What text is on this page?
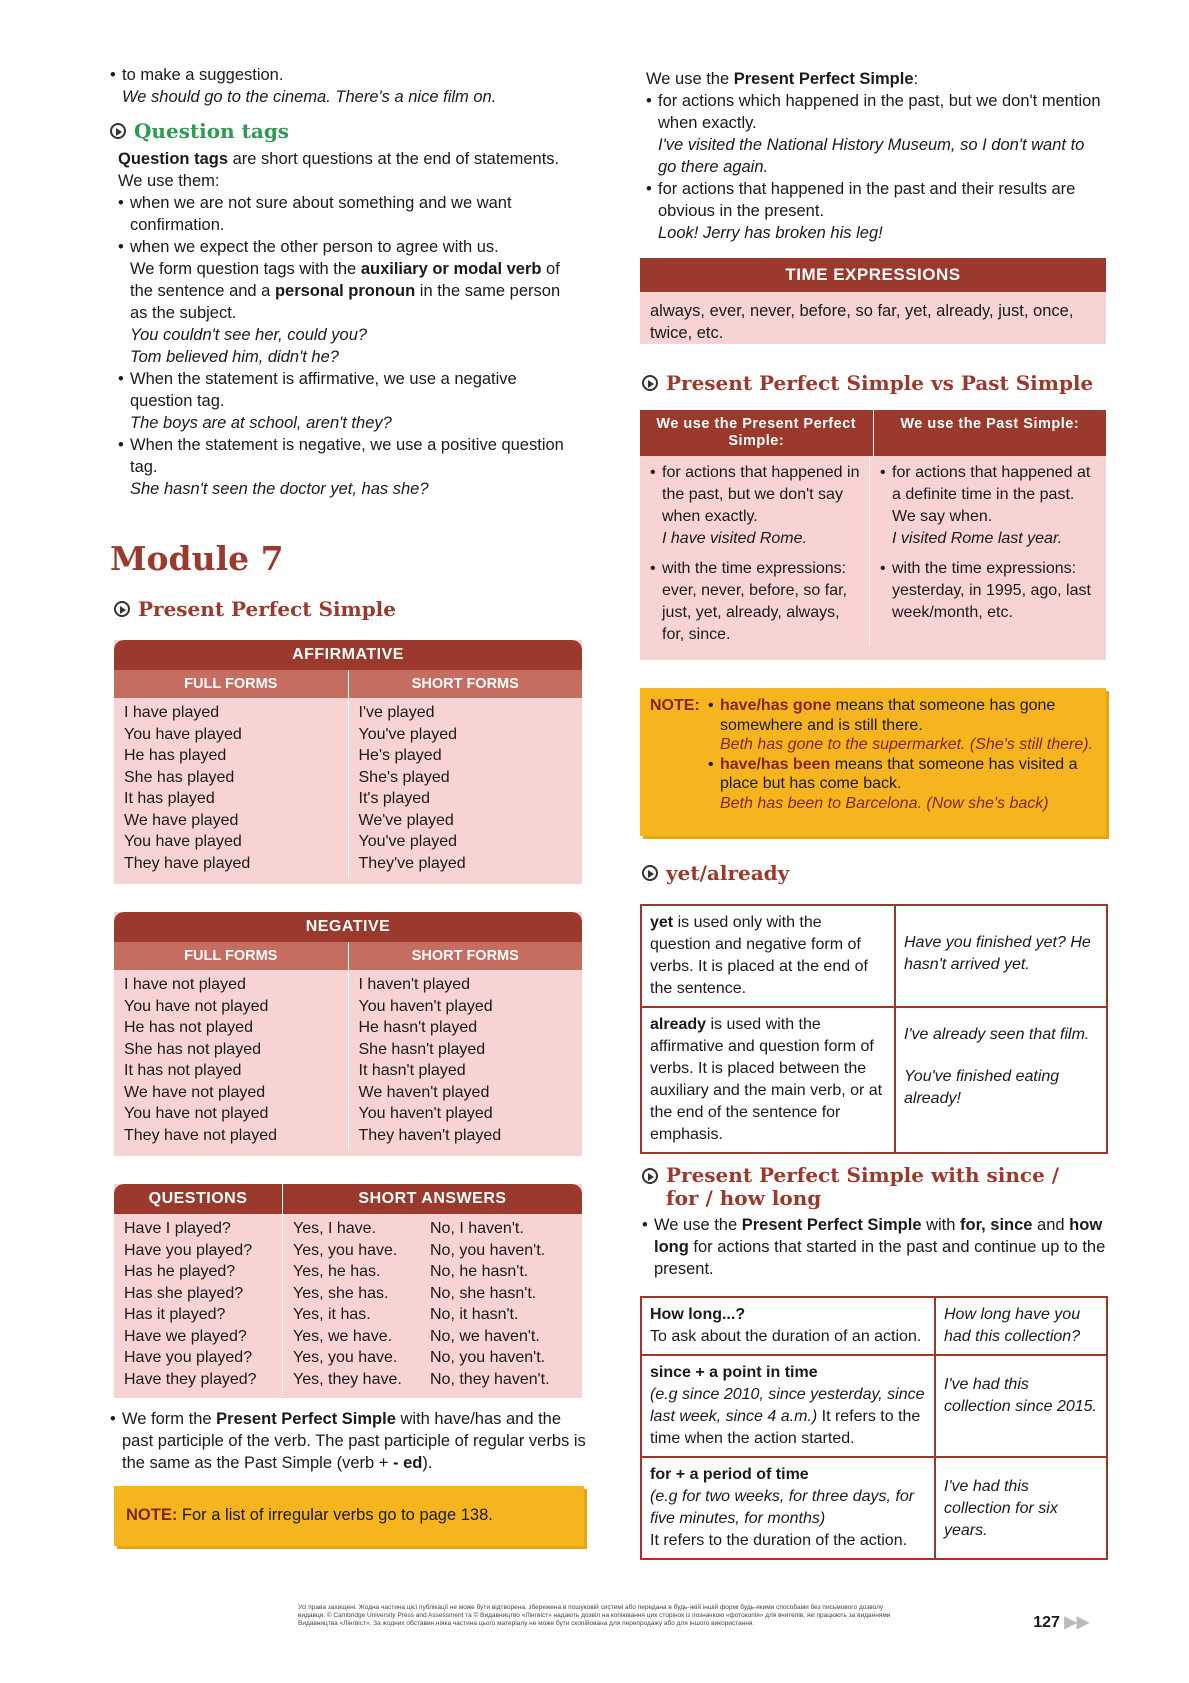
• to make a suggestion.
We should go to the cinema. There's a nice film on.
Question tags
Question tags are short questions at the end of statements. We use them:
• when we are not sure about something and we want confirmation.
• when we expect the other person to agree with us.
We form question tags with the auxiliary or modal verb of the sentence and a personal pronoun in the same person as the subject.
You couldn't see her, could you?
Tom believed him, didn't he?
• When the statement is affirmative, we use a negative question tag.
The boys are at school, aren't they?
• When the statement is negative, we use a positive question tag.
She hasn't seen the doctor yet, has she?
Module 7
Present Perfect Simple
AFFIRMATIVE
FULL FORMS	SHORT FORMS
I have played
You have played
He has played
She has played
It has played
We have played
You have played
They have played
I've played
You've played
He's played
She's played
It's played
We've played
You've played
They've played
NEGATIVE
FULL FORMS	SHORT FORMS
I have not played
You have not played
He has not played
She has not played
It has not played
We have not played
You have not played
They have not played
I haven't played
You haven't played
He hasn't played
She hasn't played
It hasn't played
We haven't played
You haven't played
They haven't played
QUESTIONS	SHORT ANSWERS
Have I played?
Have you played?
Has he played?
Has she played?
Has it played?
Have we played?
Have you played?
Have they played?
Yes, I have.
Yes, you have.
Yes, he has.
Yes, she has.
Yes, it has.
Yes, we have.
Yes, you have.
Yes, they have.
No, I haven't.
No, you haven't.
No, he hasn't.
No, she hasn't.
No, it hasn't.
No, we haven't.
No, you haven't.
No, they haven't.
• We form the Present Perfect Simple with have/has and the past participle of the verb. The past participle of regular verbs is the same as the Past Simple (verb + - ed).
NOTE: For a list of irregular verbs go to page 138.
We use the Present Perfect Simple:
• for actions which happened in the past, but we don't mention when exactly.
I've visited the National History Museum, so I don't want to go there again.
• for actions that happened in the past and their results are obvious in the present.
Look! Jerry has broken his leg!
TIME EXPRESSIONS
always, ever, never, before, so far, yet, already, just, once, twice, etc.
Present Perfect Simple vs Past Simple
We use the Present Perfect Simple:
We use the Past Simple:
• for actions that happened in the past, but we don't say when exactly.
I have visited Rome.
• with the time expressions: ever, never, before, so far, just, yet, already, always, for, since.
• for actions that happened at a definite time in the past. We say when.
I visited Rome last year.
• with the time expressions: yesterday, in 1995, ago, last week/month, etc.
NOTE:
•	have/has gone means that someone has gone somewhere and is still there.
Beth has gone to the supermarket. (She's still there).
• have/has been means that someone has visited a place but has come back.
Beth has been to Barcelona. (Now she's back)
yet/already
yet is used only with the question and negative form of verbs. It is placed at the end of the sentence.
Have you finished yet? He hasn't arrived yet.
already is used with the affirmative and question form of verbs. It is placed between the auxiliary and the main verb, or at the end of the sentence for emphasis.
I've already seen that film.
You've finished eating already!
Present Perfect Simple with since / for / how long
• We use the Present Perfect Simple with for, since and how long for actions that started in the past and continue up to the present.
How long...?
To ask about the duration of an action.
How long have you had this collection?
since + a point in time
(e.g since 2010, since yesterday, since last week, since 4 a.m.) It refers to the time when the action started.
I've had this collection since 2015.
for + a period of time
(e.g for two weeks, for three days, for five minutes, for months)
It refers to the duration of the action.
I've had this collection for six years.
Усі права захищені. Жодна частина цієї публікації не може бути відтворена, збережена в пошуковій системі або передана в будь-якій іншій формі будь-якими способами без письмового дозволу видавця. © Cambridge University Press and Assessment та © Видавництво «Лінгвіст» надають дозвіл на копіювання цих сторінок із позначкою «фотокопія» для вчителів, які працюють за виданнями Видавництва «Лінгвіст». За жодних обставин ніяка частина цього матеріалу не може бути скопійована для перепродажу або для іншого використання.	127 ▶▶
